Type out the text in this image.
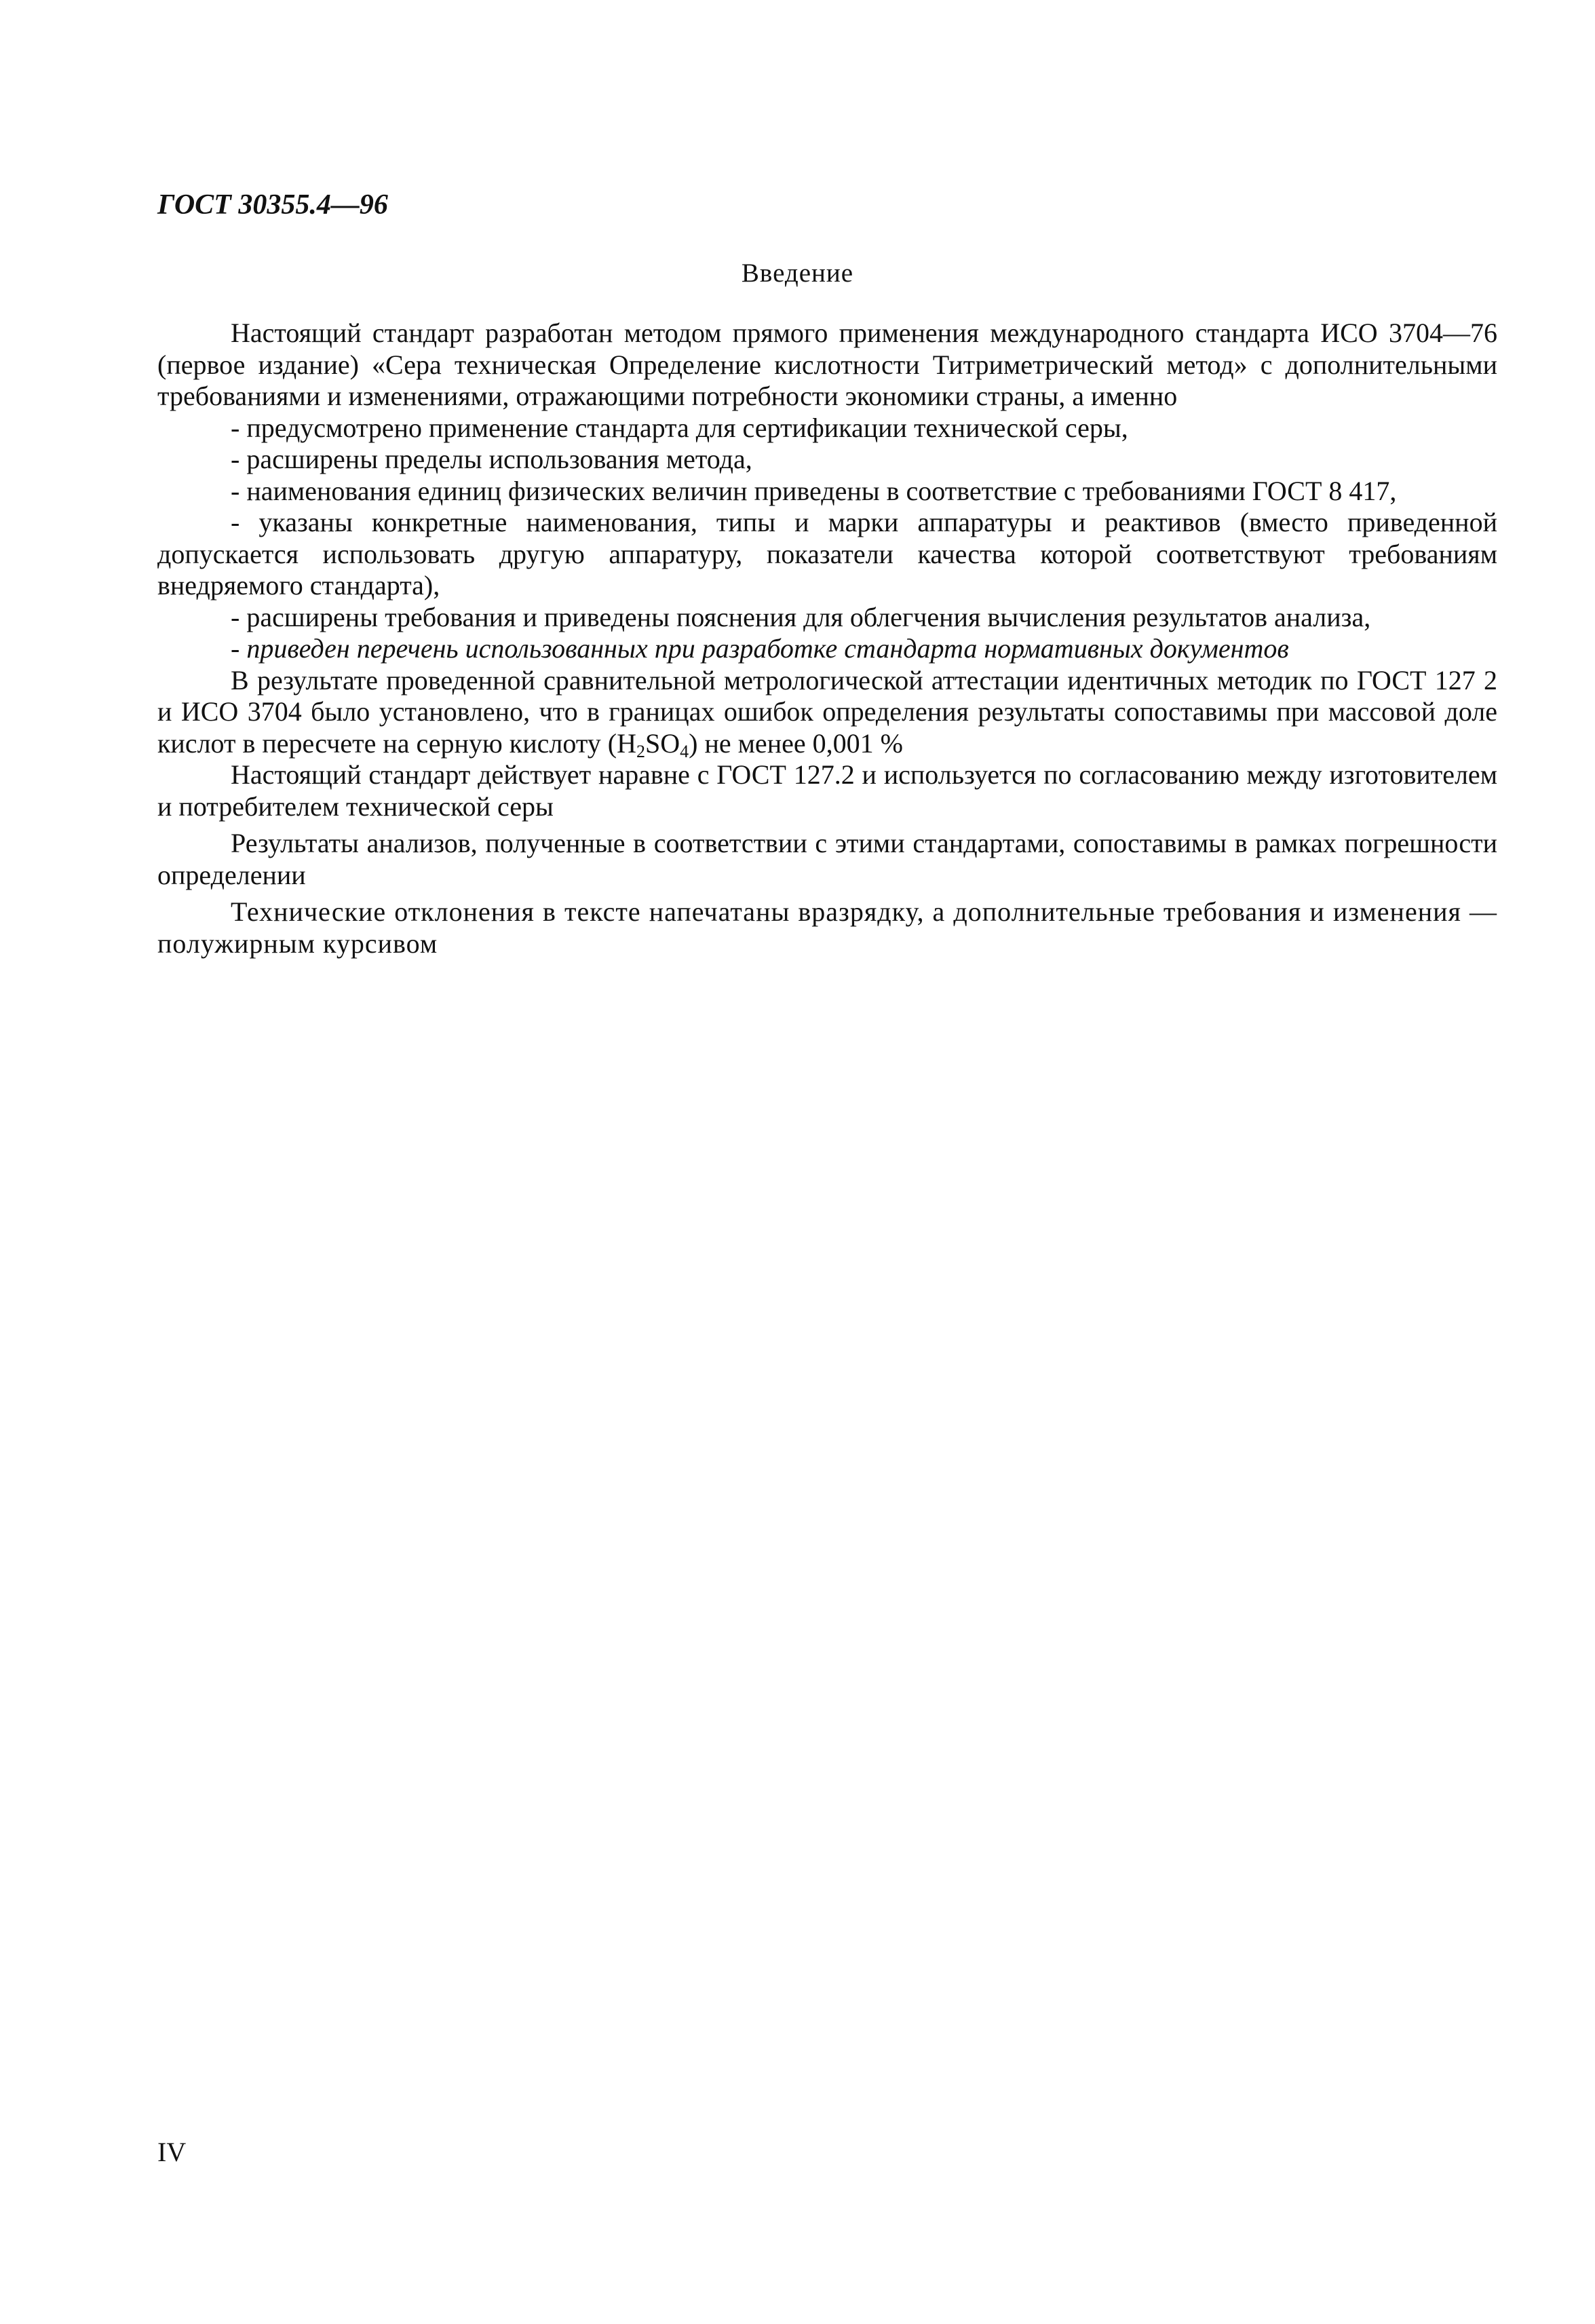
ГОСТ 30355.4—96
Введение

Настоящий стандарт разработан методом прямого применения международного стандарта ИСО 3704—76 (первое издание) «Сера техническая Определение кислотности Титриметрический метод» с дополнительными требованиями и изменениями, отражающими потребности экономики страны, а именно

- предусмотрено применение стандарта для сертификации технической серы,

- расширены пределы использования метода,

- наименования единиц физических величин приведены в соответствие с требованиями ГОСТ 8 417,

- указаны конкретные наименования, типы и марки аппаратуры и реактивов (вместо приведенной допускается использовать другую аппаратуру, показатели качества которой соответствуют требованиям внедряемого стандарта),

- расширены требования и приведены пояснения для облегчения вычисления результатов анализа,

- приведен перечень использованных при разработке стандарта нормативных документов

В результате проведенной сравнительной метрологической аттестации идентичных методик по ГОСТ 127 2 и ИСО 3704 было установлено, что в границах ошибок определения результаты сопоставимы при массовой доле кислот в пересчете на серную кислоту $(H_2SO_4)$ не менее 0,001 %

Настоящий стандарт действует наравне с ГОСТ 127.2 и используется по согласованию между изготовителем и потребителем технической серы

Результаты анализов, полученные в соответствии с этими стандартами, сопоставимы в рамках погрешности определении

Технические отклонения в тексте напечатаны вразрядку, а дополнительные требования и изменения — полужирным курсивом

IV
